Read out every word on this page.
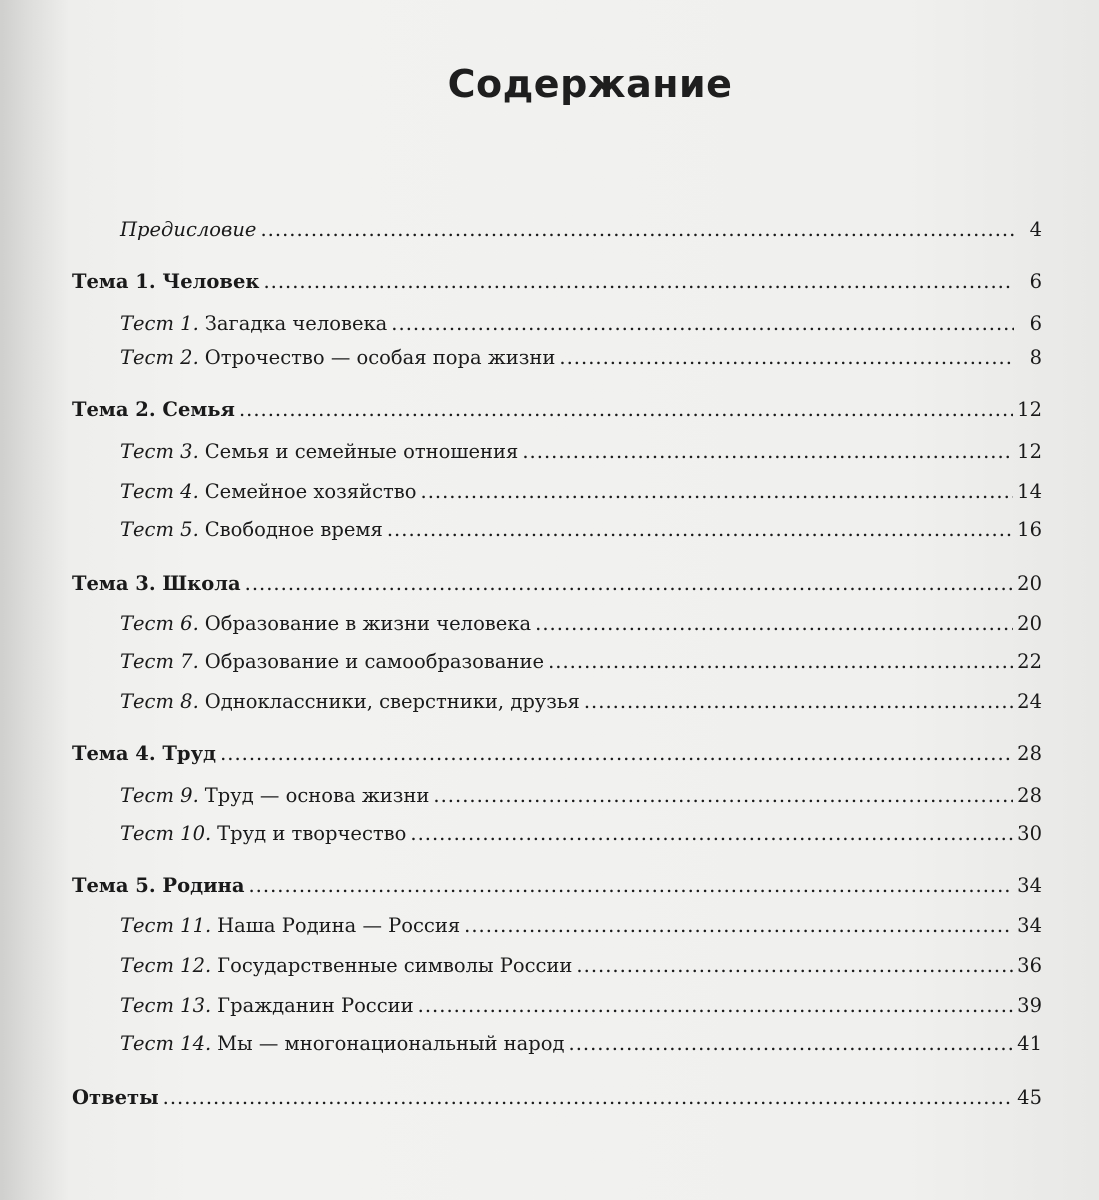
Содержание
Предисловие .....	4
Тема 1. Человек .....	6
Тест 1. Загадка человека .....	6
Тест 2. Отрочество — особая пора жизни .....	8
Тема 2. Семья .....	12
Тест 3. Семья и семейные отношения .....	12
Тест 4. Семейное хозяйство .....	14
Тест 5. Свободное время .....	16
Тема 3. Школа .....	20
Тест 6. Образование в жизни человека .....	20
Тест 7. Образование и самообразование .....	22
Тест 8. Одноклассники, сверстники, друзья .....	24
Тема 4. Труд .....	28
Тест 9. Труд — основа жизни .....	28
Тест 10. Труд и творчество .....	30
Тема 5. Родина .....	34
Тест 11. Наша Родина — Россия .....	34
Тест 12. Государственные символы России .....	36
Тест 13. Гражданин России .....	39
Тест 14. Мы — многонациональный народ .....	41
Ответы .....	45
